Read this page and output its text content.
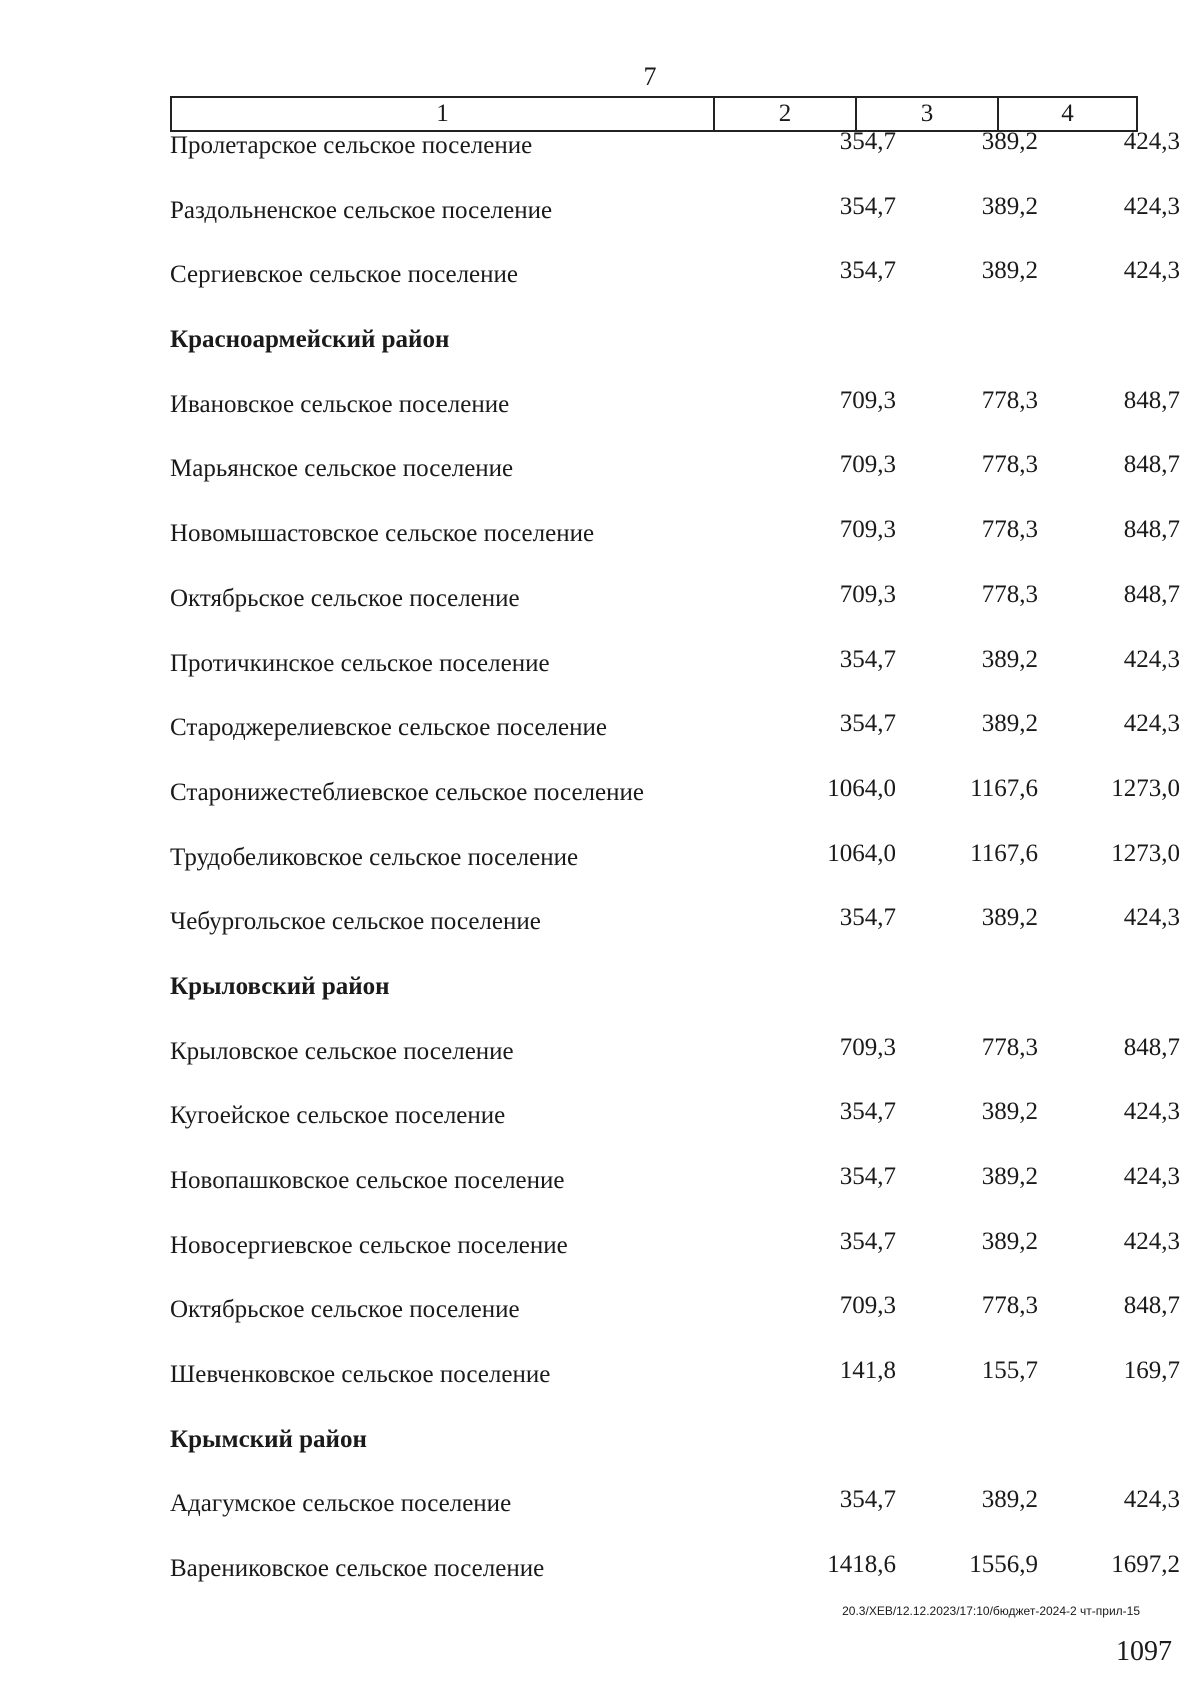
7
1	2	3	4
Пролетарское сельское поселение	354,7	389,2	424,3
Раздольненское сельское поселение	354,7	389,2	424,3
Сергиевское сельское поселение	354,7	389,2	424,3
Красноармейский район
Ивановское сельское поселение	709,3	778,3	848,7
Марьянское сельское поселение	709,3	778,3	848,7
Новомышастовское сельское поселение	709,3	778,3	848,7
Октябрьское сельское поселение	709,3	778,3	848,7
Протичкинское сельское поселение	354,7	389,2	424,3
Староджерелиевское сельское поселение	354,7	389,2	424,3
Старонижестеблиевское сельское поселение	1064,0	1167,6	1273,0
Трудобеликовское сельское поселение	1064,0	1167,6	1273,0
Чебургольское сельское поселение	354,7	389,2	424,3
Крыловский район
Крыловское сельское поселение	709,3	778,3	848,7
Кугоейское сельское поселение	354,7	389,2	424,3
Новопашковское сельское поселение	354,7	389,2	424,3
Новосергиевское сельское поселение	354,7	389,2	424,3
Октябрьское сельское поселение	709,3	778,3	848,7
Шевченковское сельское поселение	141,8	155,7	169,7
Крымский район
Адагумское сельское поселение	354,7	389,2	424,3
Варениковское сельское поселение	1418,6	1556,9	1697,2
20.3/ХЕВ/12.12.2023/17:10/бюджет-2024-2 чт-прил-15
1097
